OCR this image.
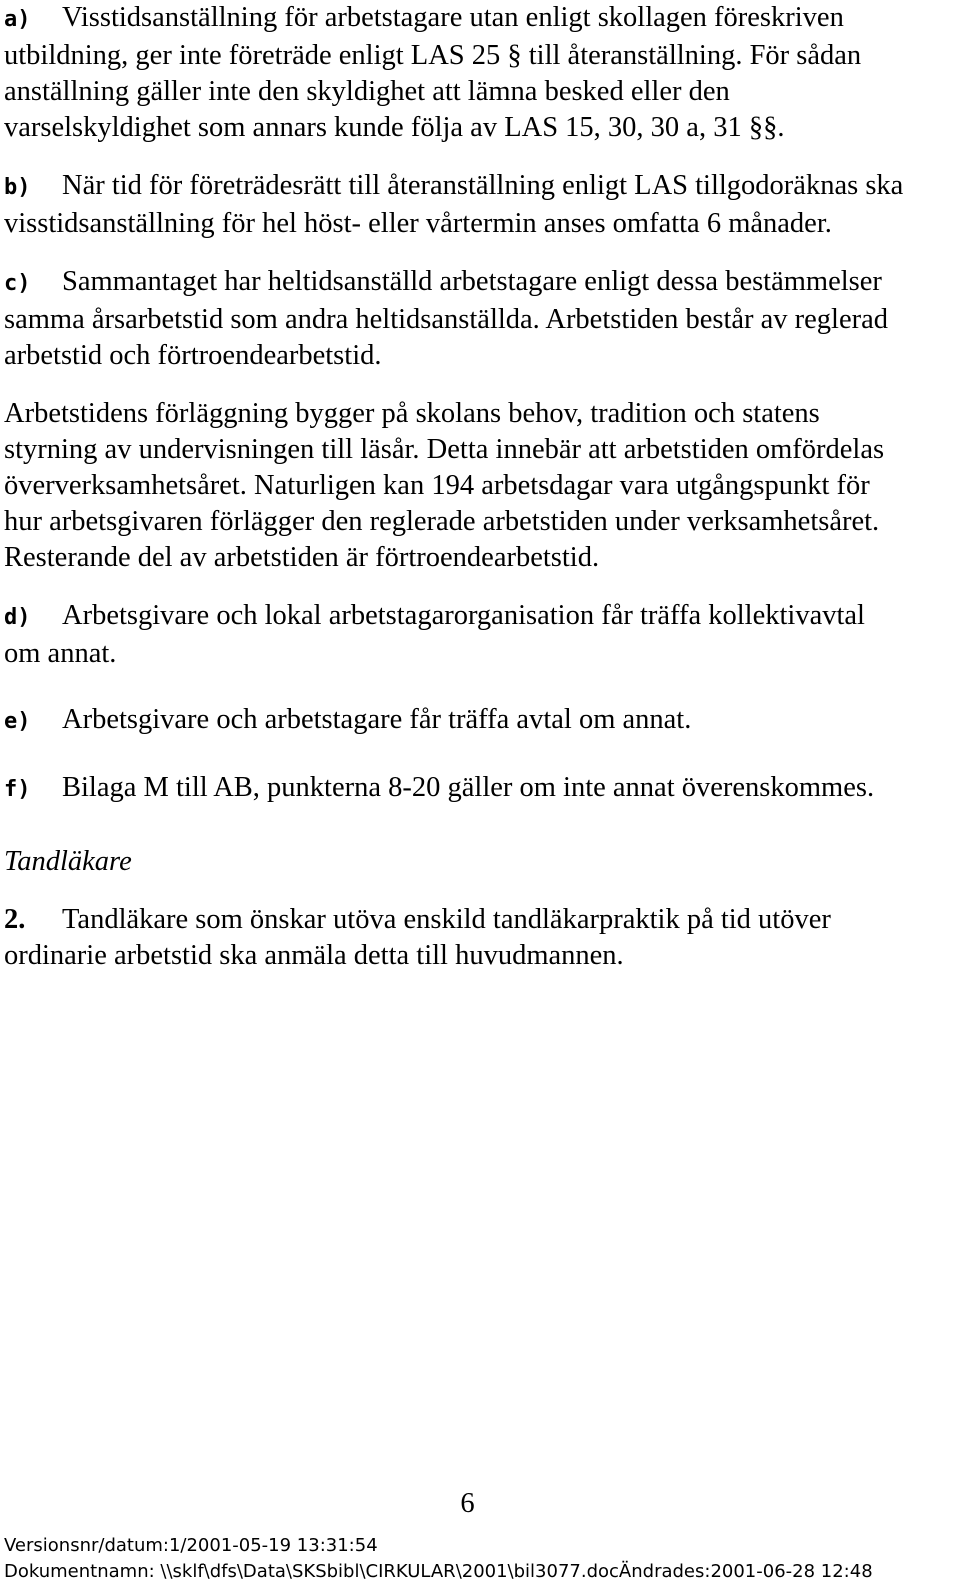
a) Visstidsanställning för arbetstagare utan enligt skollagen föreskriven utbildning, ger inte företräde enligt LAS 25 § till återanställning. För sådan anställning gäller inte den skyldighet att lämna besked eller den varselskyldighet som annars kunde följa av LAS 15, 30, 30 a, 31 §§.

b) När tid för företrädesrätt till återanställning enligt LAS tillgodoräknas ska visstidsanställning för hel höst- eller vårtermin anses omfatta 6 månader.

c) Sammantaget har heltidsanställd arbetstagare enligt dessa bestämmelser samma årsarbetstid som andra heltidsanställda. Arbetstiden består av reglerad arbetstid och förtroendearbetstid.

Arbetstidens förläggning bygger på skolans behov, tradition och statens styrning av undervisningen till läsår. Detta innebär att arbetstiden omfördelas öververksamhetsåret. Naturligen kan 194 arbetsdagar vara utgångspunkt för hur arbetsgivaren förlägger den reglerade arbetstiden under verksamhetsåret. Resterande del av arbetstiden är förtroendearbetstid.

d) Arbetsgivare och lokal arbetstagarorganisation får träffa kollektivavtal om annat.

e) Arbetsgivare och arbetstagare får träffa avtal om annat.

f) Bilaga M till AB, punkterna 8-20 gäller om inte annat överenskommes.

Tandläkare

2. Tandläkare som önskar utöva enskild tandläkarpraktik på tid utöver ordinarie arbetstid ska anmäla detta till huvudmannen.

6
Versionsnr/datum:1/2001-05-19 13:31:54
Dokumentnamn: \\sklf\dfs\Data\SKSbibl\CIRKULAR\2001\bil3077.docÄndrades:2001-06-28 12:48
